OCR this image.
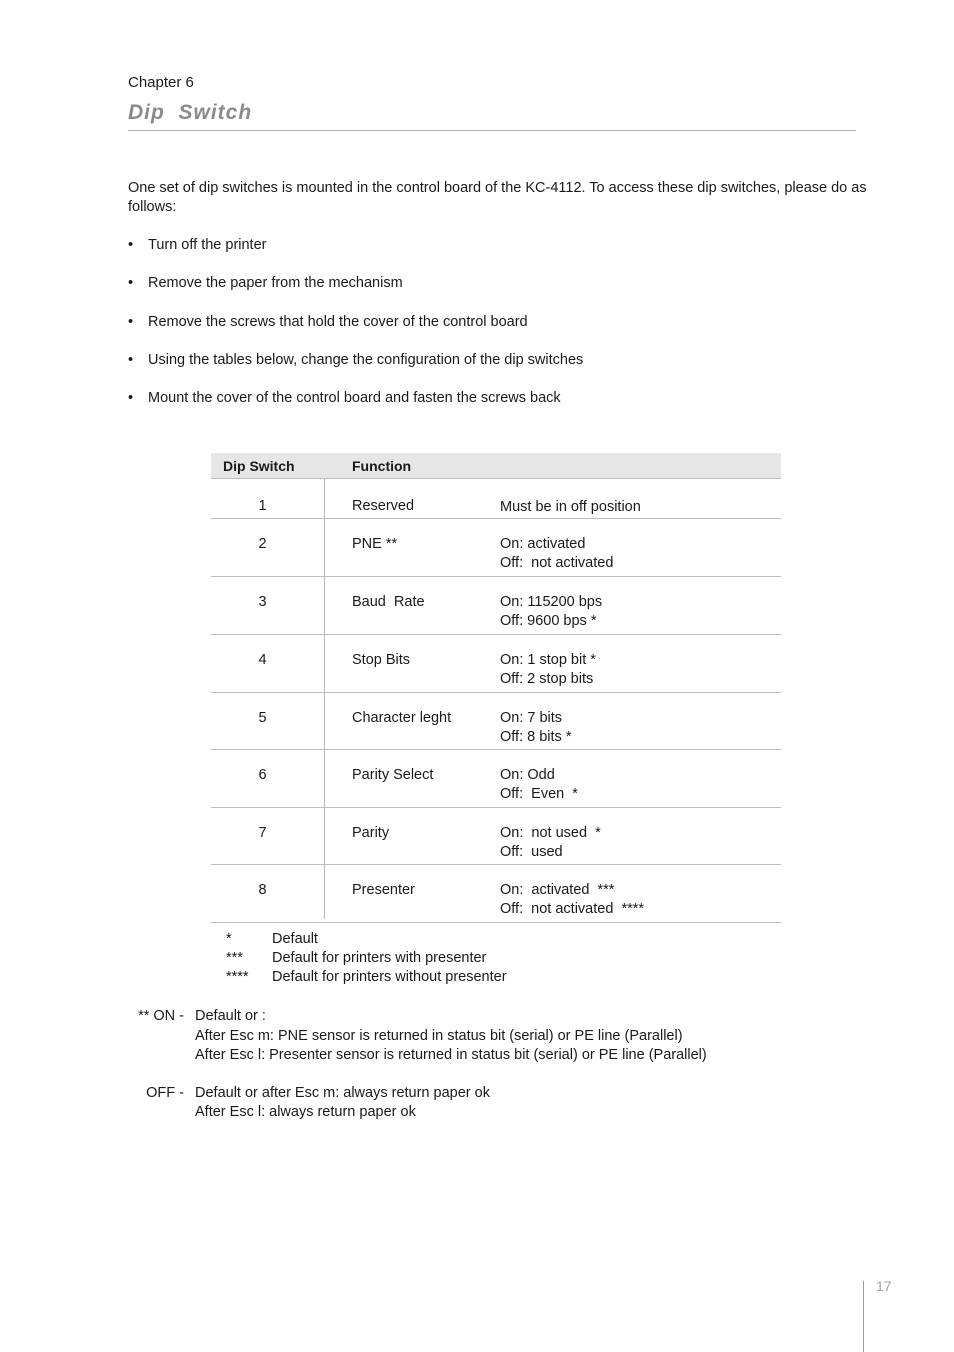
Chapter 6
Dip  Switch
One set of dip switches is mounted in the control board of the KC-4112. To access these dip switches, please do as follows:
• Turn off the printer
• Remove the paper from the mechanism
• Remove the screws that hold the cover of the control board
• Using the tables below, change the configuration of the dip switches
• Mount the cover of the control board and fasten the screws back
Dip Switch	Function
1	Reserved	Must be in off position
2	PNE **	On: activated
Off:  not activated
3	Baud  Rate	On: 115200 bps
Off: 9600 bps *
4	Stop Bits	On: 1 stop bit *
Off: 2 stop bits
5	Character leght	On: 7 bits
Off: 8 bits *
6	Parity Select	On: Odd
Off:  Even  *
7	Parity	On:  not used  *
Off:  used
8	Presenter	On:  activated  ***
Off:  not activated  ****
*	Default
***	Default for printers with presenter
****	Default for printers without presenter
** ON - Default or :
After Esc m: PNE sensor is returned in status bit (serial) or PE line (Parallel)
After Esc l: Presenter sensor is returned in status bit (serial) or PE line (Parallel)
OFF - Default or after Esc m: always return paper ok
After Esc l: always return paper ok
17
